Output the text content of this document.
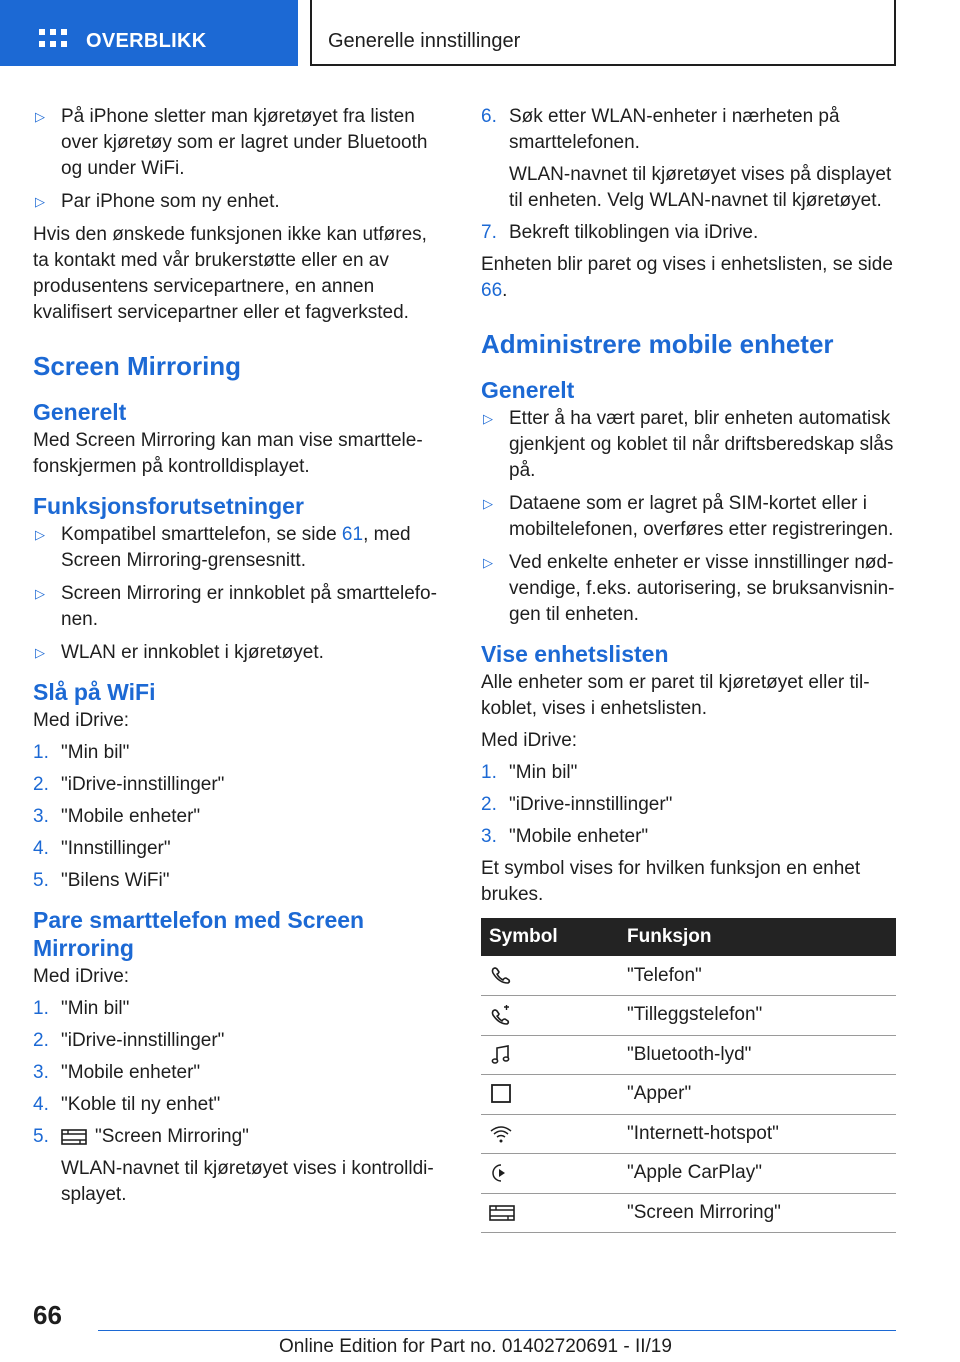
OVERBLIKK	Generelle innstillinger
▷ På iPhone sletter man kjøretøyet fra listen over kjøretøy som er lagret under Bluetooth og under WiFi.
▷ Par iPhone som ny enhet.
Hvis den ønskede funksjonen ikke kan utføres, ta kontakt med vår brukerstøtte eller en av produsentens servicepartnere, en annen kvalifisert servicepartner eller et fagverksted.
Screen Mirroring
Generelt
Med Screen Mirroring kan man vise smarttelefonskjermen på kontrolldisplayet.
Funksjonsforutsetninger
▷ Kompatibel smarttelefon, se side 61, med Screen Mirroring-grensesnitt.
▷ Screen Mirroring er innkoblet på smarttelefonen.
▷ WLAN er innkoblet i kjøretøyet.
Slå på WiFi
Med iDrive:
1. "Min bil"
2. "iDrive-innstillinger"
3. "Mobile enheter"
4. "Innstillinger"
5. "Bilens WiFi"
Pare smarttelefon med Screen Mirroring
Med iDrive:
1. "Min bil"
2. "iDrive-innstillinger"
3. "Mobile enheter"
4. "Koble til ny enhet"
5. "Screen Mirroring"
WLAN-navnet til kjøretøyet vises i kontrolldisplayet.
6. Søk etter WLAN-enheter i nærheten på smarttelefonen.
WLAN-navnet til kjøretøyet vises på displayet til enheten. Velg WLAN-navnet til kjøretøyet.
7. Bekreft tilkoblingen via iDrive.
Enheten blir paret og vises i enhetslisten, se side 66.
Administrere mobile enheter
Generelt
▷ Etter å ha vært paret, blir enheten automatisk gjenkjent og koblet til når driftsberedskap slås på.
▷ Dataene som er lagret på SIM-kortet eller i mobiltelefonen, overføres etter registreringen.
▷ Ved enkelte enheter er visse innstillinger nødvendige, f.eks. autorisering, se bruksanvisningen til enheten.
Vise enhetslisten
Alle enheter som er paret til kjøretøyet eller tilkoblet, vises i enhetslisten.
Med iDrive:
1. "Min bil"
2. "iDrive-innstillinger"
3. "Mobile enheter"
Et symbol vises for hvilken funksjon en enhet brukes.
Symbol	Funksjon
	"Telefon"
	"Tilleggstelefon"
	"Bluetooth-lyd"
	"Apper"
	"Internett-hotspot"
	"Apple CarPlay"
	"Screen Mirroring"
66
Online Edition for Part no. 01402720691 - II/19
